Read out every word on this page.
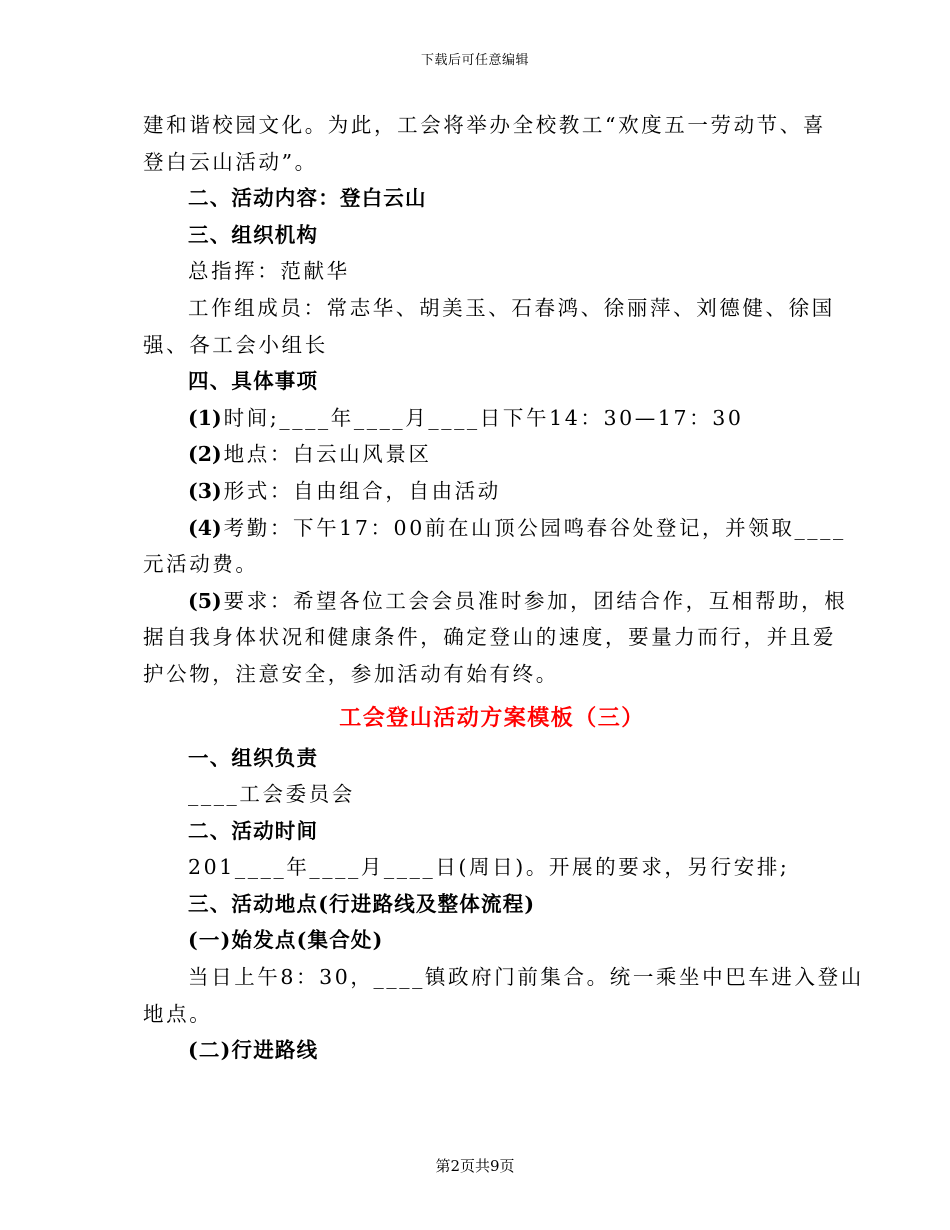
下载后可任意编辑

建和谐校园文化。为此，工会将举办全校教工“欢度五一劳动节、喜

登白云山活动”。

二、活动内容：登白云山

三、组织机构

总指挥：范献华

工作组成员：常志华、胡美玉、石春鸿、徐丽萍、刘德健、徐国

强、各工会小组长

四、具体事项

(1)时间;____年____月____日下午14：30—17：30

(2)地点：白云山风景区

(3)形式：自由组合，自由活动

(4)考勤：下午17：00前在山顶公园鸣春谷处登记，并领取____

元活动费。

(5)要求：希望各位工会会员准时参加，团结合作，互相帮助，根

据自我身体状况和健康条件，确定登山的速度，要量力而行，并且爱

护公物，注意安全，参加活动有始有终。

工会登山活动方案模板（三）

一、组织负责

____工会委员会

二、活动时间

201____年____月____日(周日)。开展的要求，另行安排;

三、活动地点(行进路线及整体流程)

(一)始发点(集合处)

当日上午8：30，____镇政府门前集合。统一乘坐中巴车进入登山

地点。

(二)行进路线

第2页共9页
